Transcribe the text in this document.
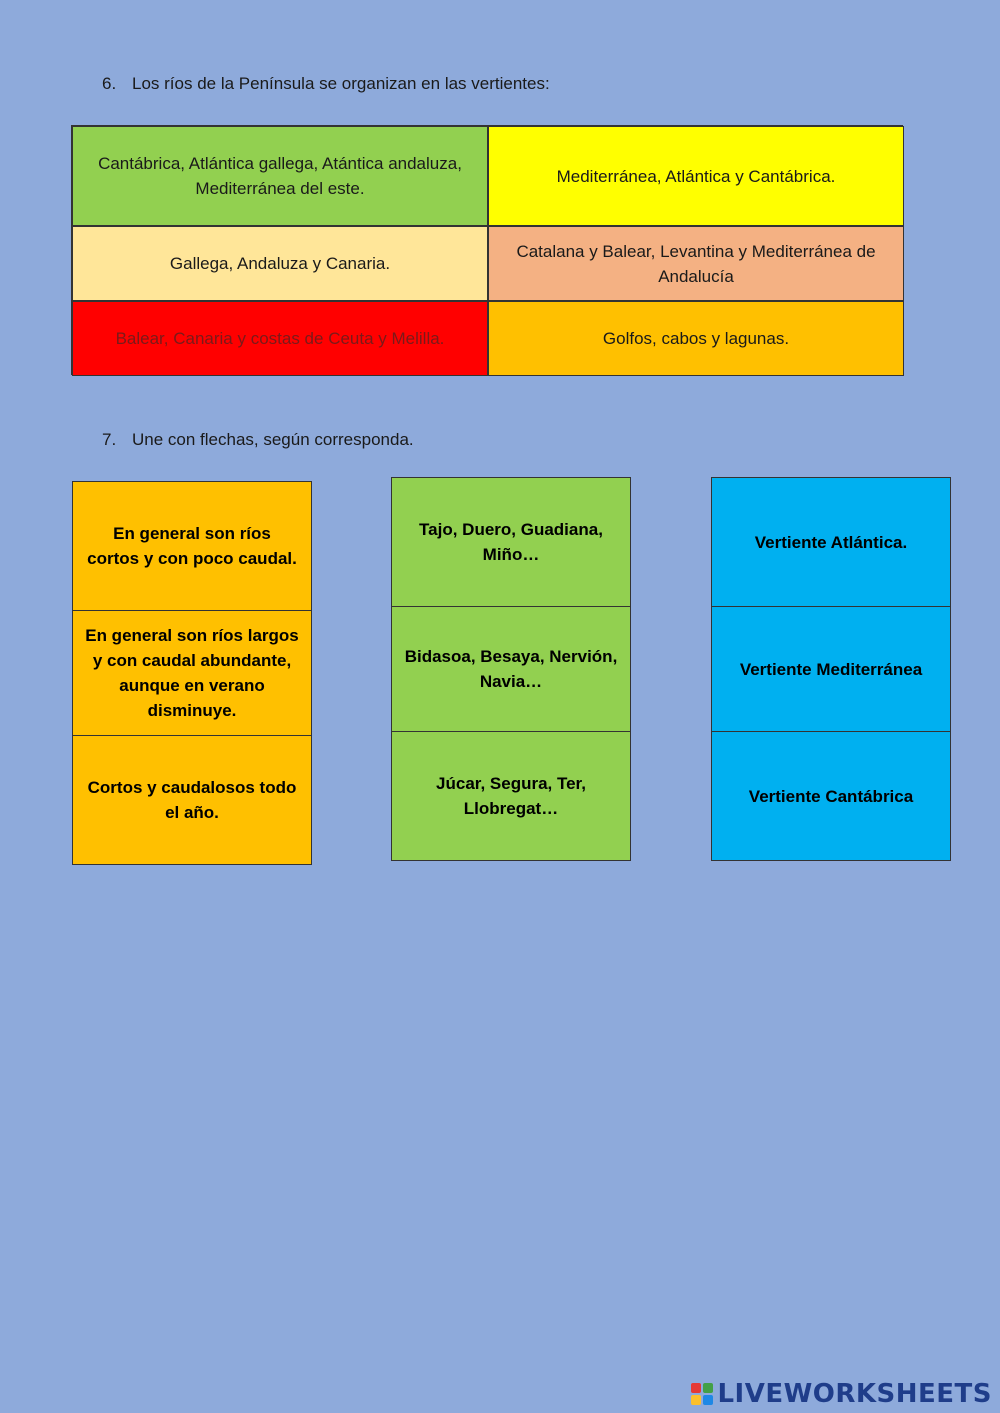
6. Los ríos de la Península se organizan en las vertientes:
Cantábrica, Atlántica gallega, Atántica andaluza, Mediterránea del este.
Mediterránea, Atlántica y Cantábrica.
Gallega, Andaluza y Canaria.
Catalana y Balear, Levantina y Mediterránea de Andalucía
Balear, Canaria y costas de Ceuta y Melilla.	Golfos, cabos y lagunas.
7. Une con flechas, según corresponda.
En general son ríos cortos y con poco caudal.
En general son ríos largos y con caudal abundante, aunque en verano disminuye.
Cortos y caudalosos todo el año.
Tajo, Duero, Guadiana, Miño…
Bidasoa, Besaya, Nervión, Navia…
Júcar, Segura, Ter, Llobregat…
Vertiente Atlántica.
Vertiente Mediterránea
Vertiente Cantábrica
LIVEWORKSHEETS
